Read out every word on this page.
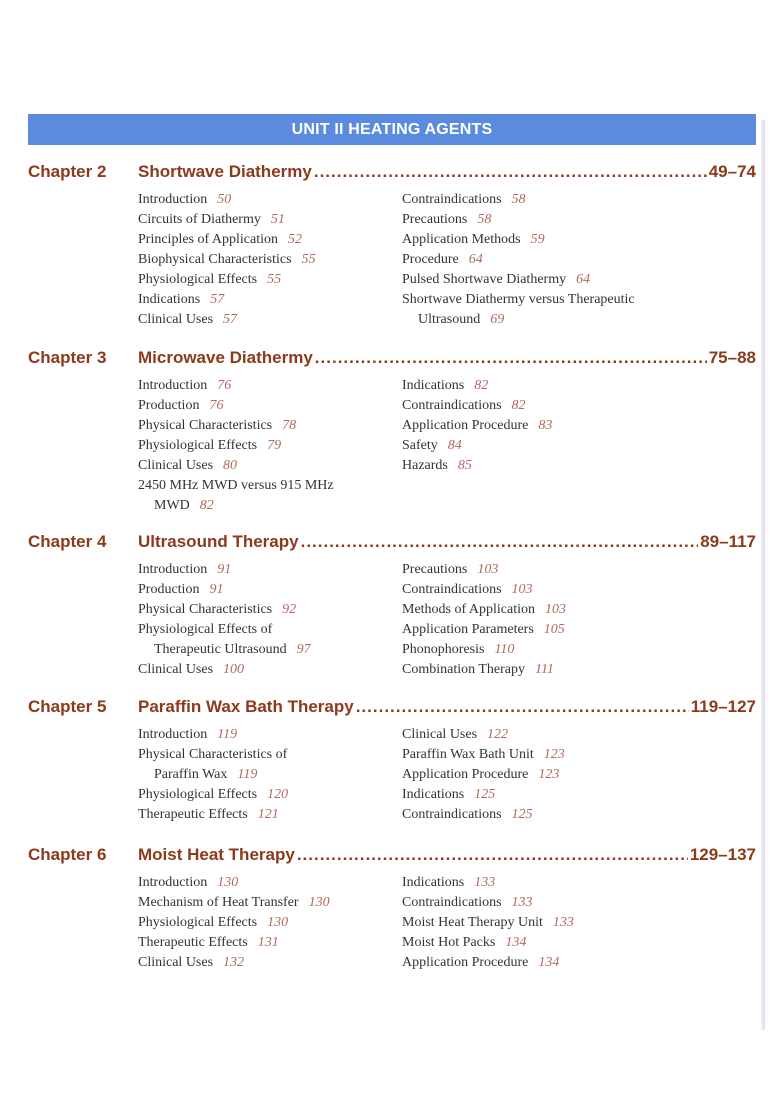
UNIT II HEATING AGENTS
Chapter 2	Shortwave Diathermy .....	49–74
Introduction 50
Circuits of Diathermy 51
Principles of Application 52
Biophysical Characteristics 55
Physiological Effects 55
Indications 57
Clinical Uses 57
Contraindications 58
Precautions 58
Application Methods 59
Procedure 64
Pulsed Shortwave Diathermy 64
Shortwave Diathermy versus Therapeutic
Ultrasound 69
Chapter 3	Microwave Diathermy .....	75–88
Introduction 76
Production 76
Physical Characteristics 78
Physiological Effects 79
Clinical Uses 80
2450 MHz MWD versus 915 MHz
MWD 82
Indications 82
Contraindications 82
Application Procedure 83
Safety 84
Hazards 85
Chapter 4	Ultrasound Therapy .....	89–117
Introduction 91
Production 91
Physical Characteristics 92
Physiological Effects of
Therapeutic Ultrasound 97
Clinical Uses 100
Precautions 103
Contraindications 103
Methods of Application 103
Application Parameters 105
Phonophoresis 110
Combination Therapy 111
Chapter 5	Paraffin Wax Bath Therapy .....	119–127
Introduction 119
Physical Characteristics of
Paraffin Wax 119
Physiological Effects 120
Therapeutic Effects 121
Clinical Uses 122
Paraffin Wax Bath Unit 123
Application Procedure 123
Indications 125
Contraindications 125
Chapter 6	Moist Heat Therapy .....	129–137
Introduction 130
Mechanism of Heat Transfer 130
Physiological Effects 130
Therapeutic Effects 131
Clinical Uses 132
Indications 133
Contraindications 133
Moist Heat Therapy Unit 133
Moist Hot Packs 134
Application Procedure 134
